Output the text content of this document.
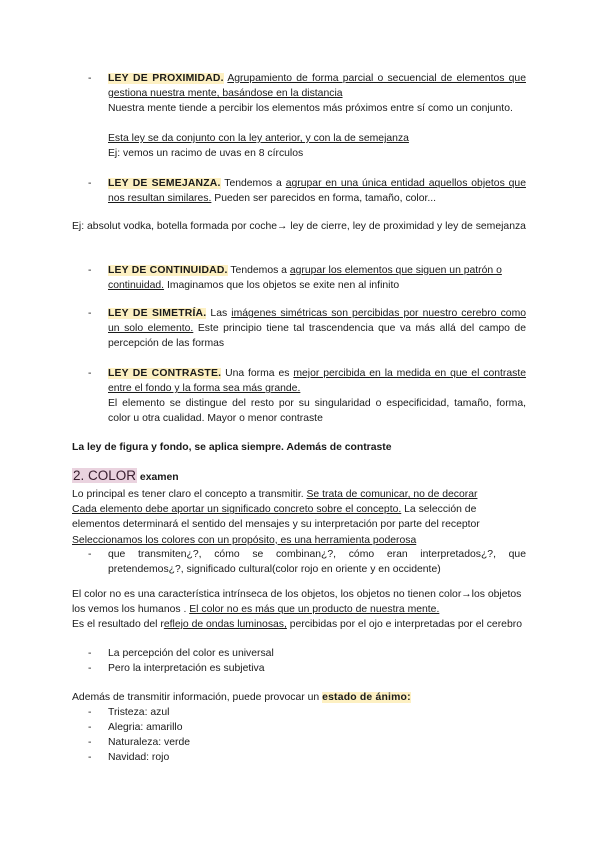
- LEY DE PROXIMIDAD. Agrupamiento de forma parcial o secuencial de elementos que gestiona nuestra mente, basándose en la distancia
Nuestra mente tiende a percibir los elementos más próximos entre sí como un conjunto.
Esta ley se da conjunto con la ley anterior, y con la de semejanza
Ej: vemos un racimo de uvas en 8 círculos
- LEY DE SEMEJANZA. Tendemos a agrupar en una única entidad aquellos objetos que nos resultan similares. Pueden ser parecidos en forma, tamaño, color...
Ej: absolut vodka, botella formada por coche→ ley de cierre, ley de proximidad y ley de semejanza
- LEY DE CONTINUIDAD. Tendemos a agrupar los elementos que siguen un patrón o continuidad. Imaginamos que los objetos se exite nen al infinito
- LEY DE SIMETRÍA. Las imágenes simétricas son percibidas por nuestro cerebro como un solo elemento. Este principio tiene tal trascendencia que va más allá del campo de percepción de las formas
- LEY DE CONTRASTE. Una forma es mejor percibida en la medida en que el contraste entre el fondo y la forma sea más grande.
El elemento se distingue del resto por su singularidad o especificidad, tamaño, forma, color u otra cualidad. Mayor o menor contraste
La ley de figura y fondo, se aplica siempre. Además de contraste
2. COLOR examen
Lo principal es tener claro el concepto a transmitir. Se trata de comunicar, no de decorar
Cada elemento debe aportar un significado concreto sobre el concepto. La selección de elementos determinará el sentido del mensajes y su interpretación por parte del receptor
Seleccionamos los colores con un propósito, es una herramienta poderosa
- que transmiten¿?, cómo se combinan¿?, cómo eran interpretados¿?, que pretendemos¿?, significado cultural(color rojo en oriente y en occidente)
El color no es una característica intrínseca de los objetos, los objetos no tienen color→los objetos los vemos los humanos . El color no es más que un producto de nuestra mente.
Es el resultado del reflejo de ondas luminosas, percibidas por el ojo e interpretadas por el cerebro
- La percepción del color es universal
- Pero la interpretación es subjetiva
Además de transmitir información, puede provocar un estado de ánimo:
- Tristeza: azul
- Alegria: amarillo
- Naturaleza: verde
- Navidad: rojo
